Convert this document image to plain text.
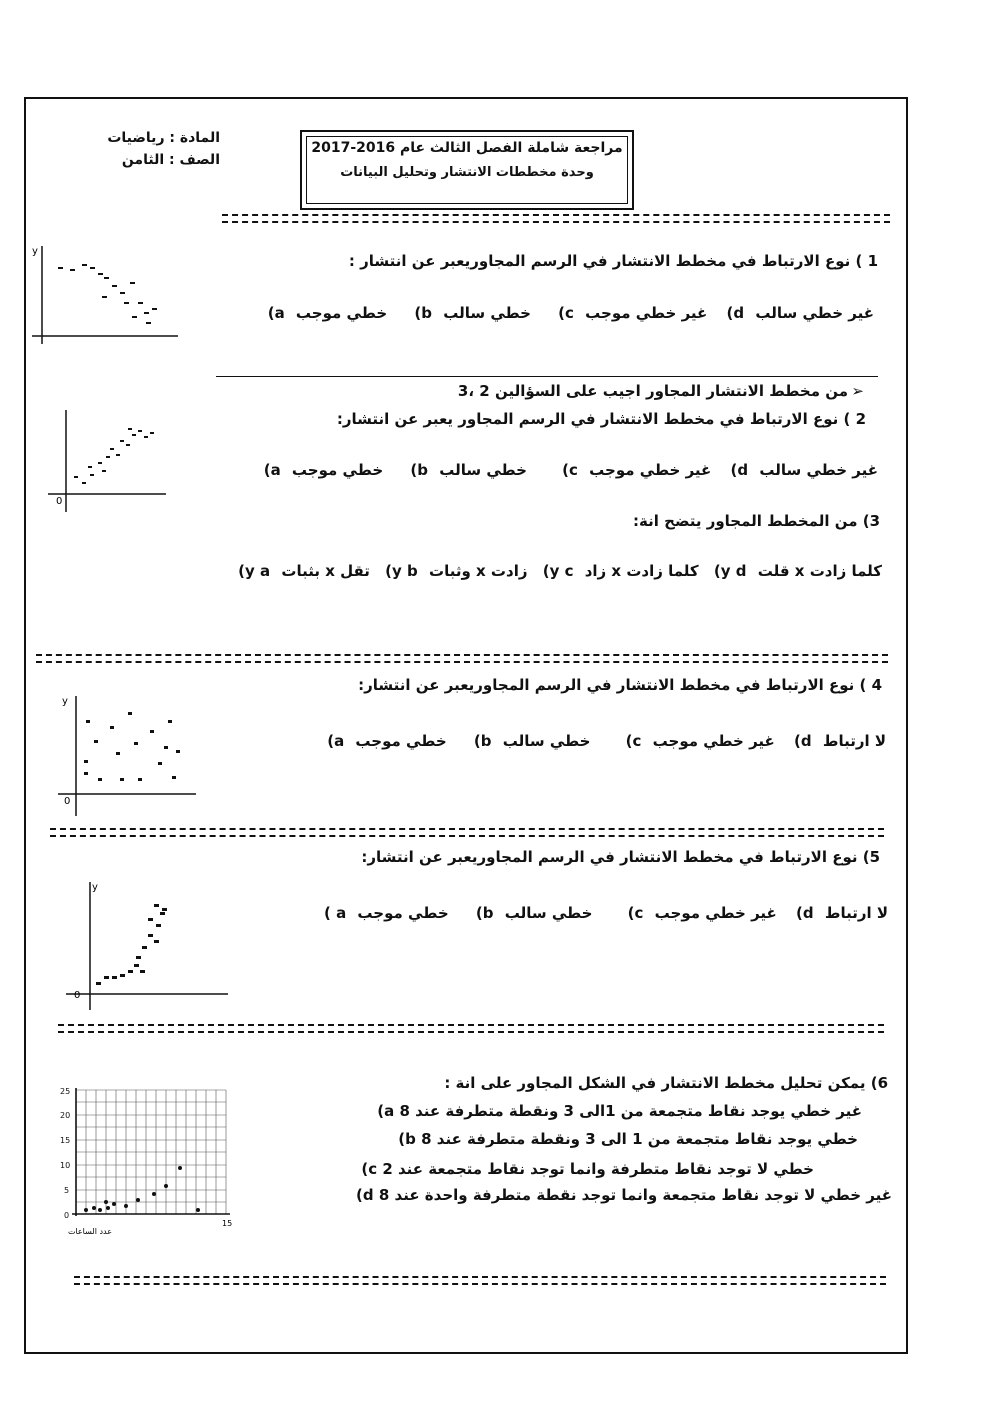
المادة : رياضيات
الصف : الثامن
مراجعة شاملة الفصل الثالث عام 2016-2017
وحدة مخططات الانتشار وتحليل البيانات
1 ) نوع الارتباط في مخطط الانتشار في الرسم المجاوريعبر عن انتشار :
غير خطي سالب d) غير خطي موجب c) خطي سالب b) خطي موجب a)
y
من مخطط الانتشار المجاور اجيب على السؤالين 2 ،3 ➢
2 ) نوع الارتباط في مخطط الانتشار في الرسم المجاور يعبر عن انتشار:
غير خطي سالب d) غير خطي موجب c) خطي سالب b) خطي موجب a)
0
3) من المخطط المجاور يتضح انة:
كلما زادت x قلت y d) كلما زادت x زاد y c) زادت x وثبات y b) تقل x بثبات y a)
4 ) نوع الارتباط في مخطط الانتشار في الرسم المجاوريعبر عن انتشار:
لا ارتباط d) غير خطي موجب c) خطي سالب b) خطي موجب a)
y
0
5) نوع الارتباط في مخطط الانتشار في الرسم المجاوريعبر عن انتشار:
لا ارتباط d) غير خطي موجب c) خطي سالب b) خطي موجب a )
y
0
6) يمكن تحليل مخطط الانتشار في الشكل المجاور على انة :
غير خطي يوجد نقاط متجمعة من 1الى 3 ونقطة متطرفة عند 8 a)
خطي يوجد نقاط متجمعة من 1 الى 3 ونقطة متطرفة عند 8 b)
خطي لا توجد نقاط متطرفة وانما توجد نقاط متجمعة عند 2 c)
غير خطي لا توجد نقاط متجمعة وانما توجد نقطة متطرفة واحدة عند 8 d)
25
20
15
10
5
0
15
عدد الساعات
